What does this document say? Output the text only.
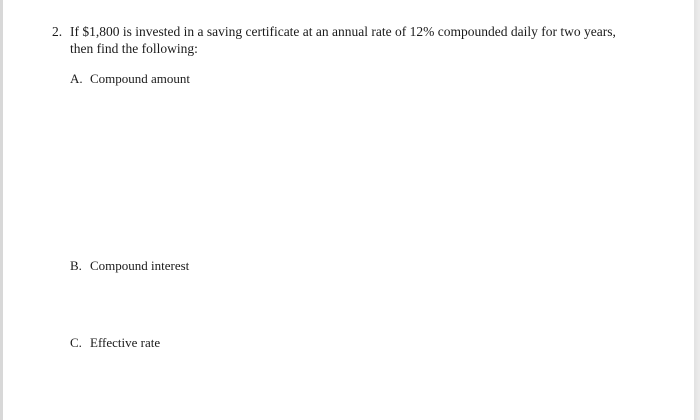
2. If $1,800 is invested in a saving certificate at an annual rate of 12% compounded daily for two years,
then find the following:
A. Compound amount
B. Compound interest
C. Effective rate
